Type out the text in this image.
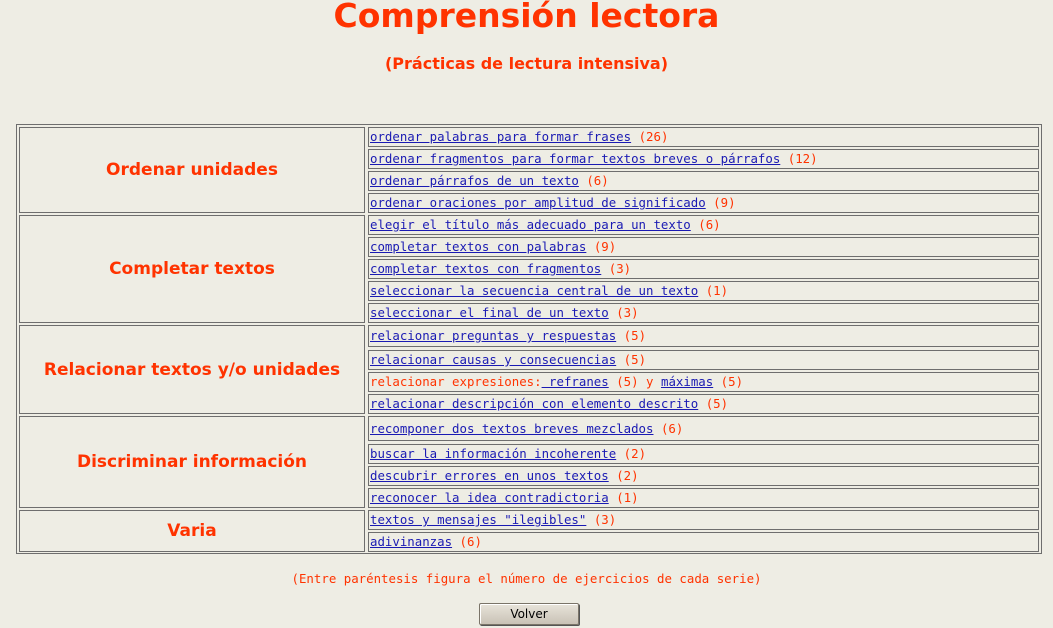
Comprensión lectora
(Prácticas de lectura intensiva)
Ordenar unidades
ordenar palabras para formar frases (26)
ordenar fragmentos para formar textos breves o párrafos (12)
ordenar párrafos de un texto (6)
ordenar oraciones por amplitud de significado (9)
Completar textos
elegir el título más adecuado para un texto (6)
completar textos con palabras (9)
completar textos con fragmentos (3)
seleccionar la secuencia central de un texto (1)
seleccionar el final de un texto (3)
Relacionar textos y/o unidades
relacionar preguntas y respuestas (5)
relacionar causas y consecuencias (5)
relacionar expresiones: refranes (5) y máximas (5)
relacionar descripción con elemento descrito (5)
Discriminar información
recomponer dos textos breves mezclados (6)
buscar la información incoherente (2)
descubrir errores en unos textos (2)
reconocer la idea contradictoria (1)
Varia
textos y mensajes "ilegibles" (3)
adivinanzas (6)
(Entre paréntesis figura el número de ejercicios de cada serie)
Volver
